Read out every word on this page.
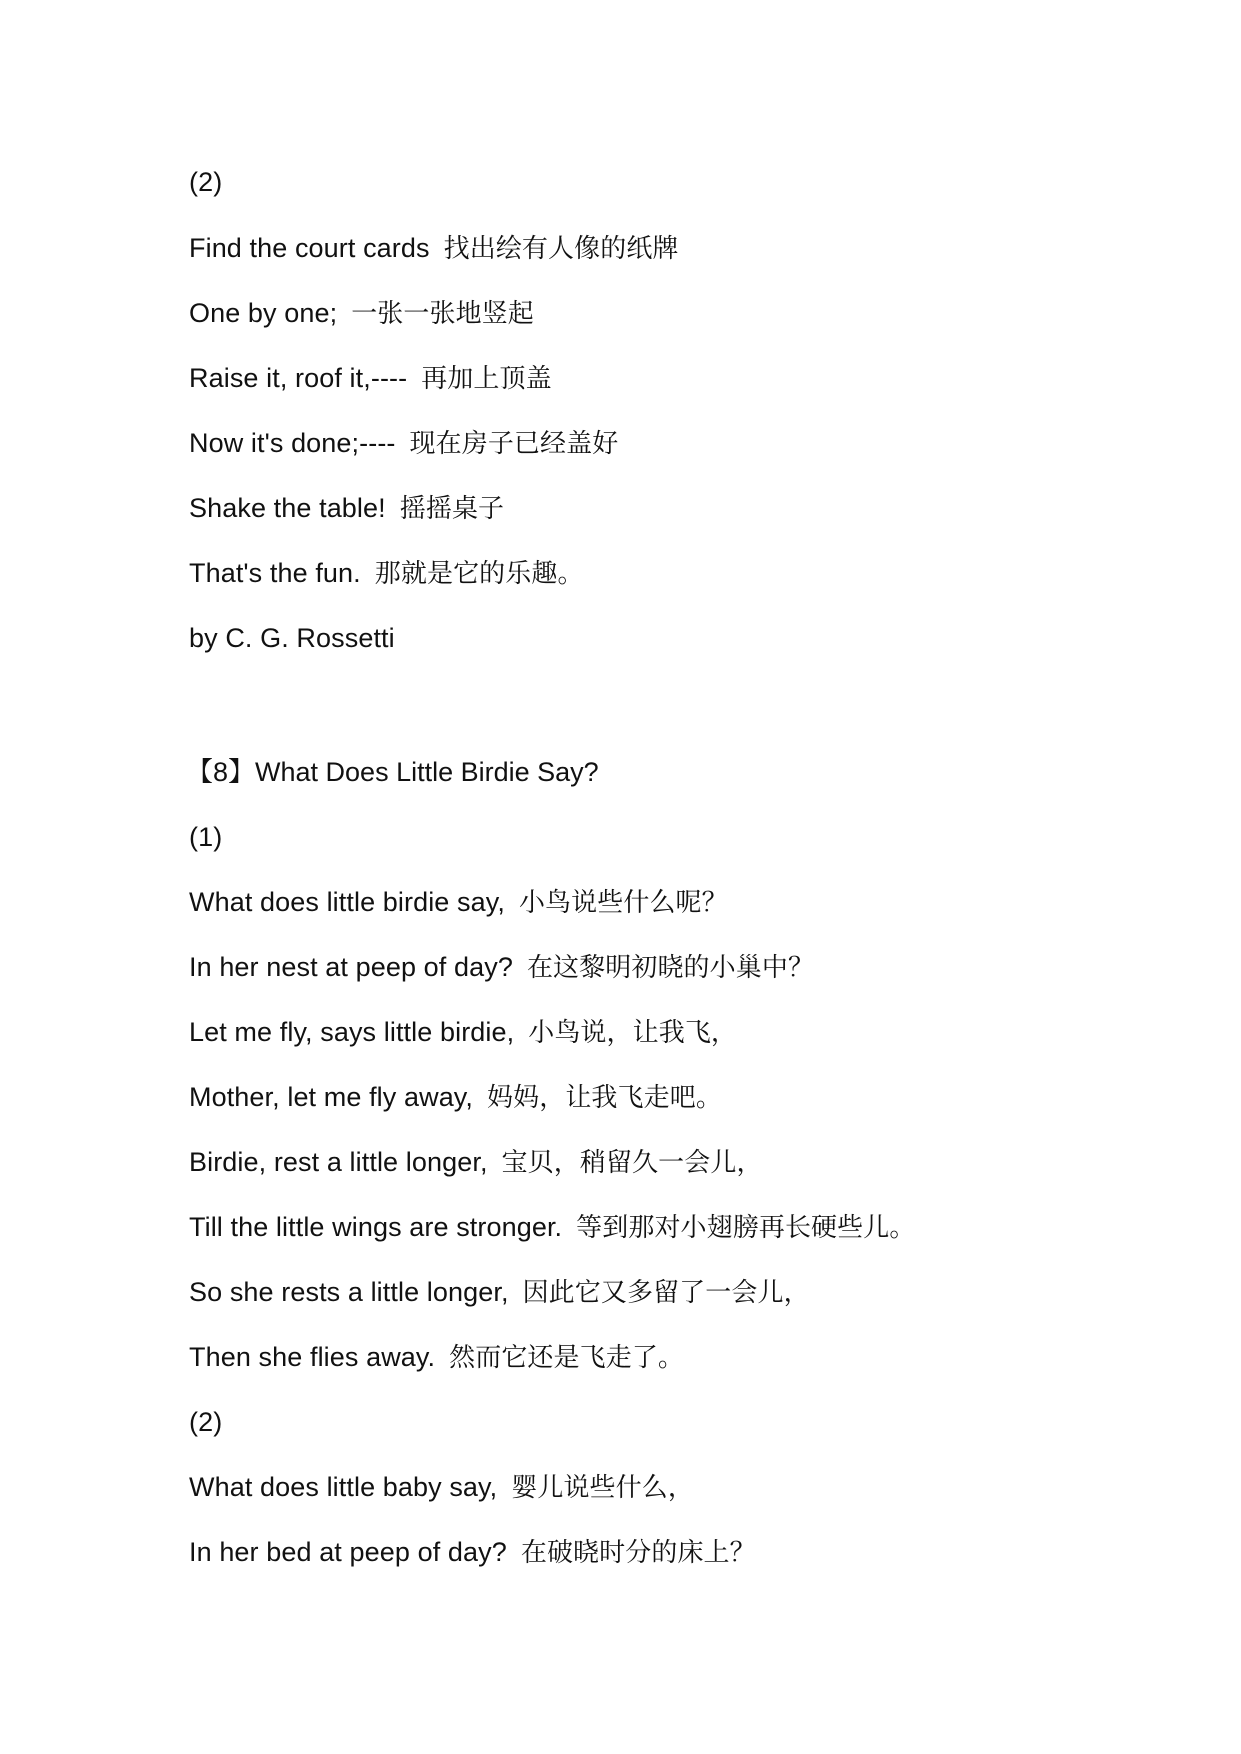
(2)
Find the court cards 找出绘有人像的纸牌
One by one; 一张一张地竖起
Raise it, roof it,---- 再加上顶盖
Now it's done;---- 现在房子已经盖好
Shake the table! 摇摇桌子
That's the fun. 那就是它的乐趣。
by C. G. Rossetti
【8】What Does Little Birdie Say?
(1)
What does little birdie say, 小鸟说些什么呢？
In her nest at peep of day? 在这黎明初晓的小巢中？
Let me fly, says little birdie, 小鸟说，让我飞，
Mother, let me fly away, 妈妈，让我飞走吧。
Birdie, rest a little longer, 宝贝，稍留久一会儿，
Till the little wings are stronger. 等到那对小翅膀再长硬些儿。
So she rests a little longer, 因此它又多留了一会儿，
Then she flies away. 然而它还是飞走了。
(2)
What does little baby say, 婴儿说些什么，
In her bed at peep of day? 在破晓时分的床上？
